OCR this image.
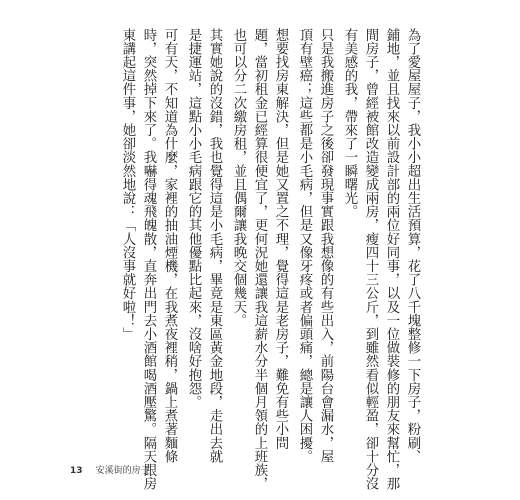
為了愛屋屋子，我小小超出生活預算，花了八千塊整修一下房子，粉刷、
鋪地，並且找來以前設計部的兩位好同事，以及一位做裝修的朋友來幫忙，那
間房子，曾經被館改造變成兩房，瘦四十三公斤，到雖然看似輕盈，卻十分沒
有美感的我，帶來了一瞬曙光。
只是我搬進房子之後卻發現事實跟我想像的有些出入，前陽台會漏水，屋
頂有壁癌；這些都是小毛病，但是又像牙疼或者偏頭痛，總是讓人困擾。
想要找房東解決，但是她又置之不理，覺得這是老房子，難免有些小問
題，當初租金已經算很便宜了，更何況她還讓我這薪水分半個月領的上班族，
也可以分二次繳房租，並且偶爾讓我晚交個幾天。
其實她說的沒錯，我也覺得這是小毛病，畢竟是東區黃金地段，走出去就
是捷運站，這點小小毛病跟它的其他優點比起來，沒啥好抱怨。
可有天，不知道為什麼，家裡的抽油煙機，在我煮夜裡稍，鍋上煮著麵條
時，突然掉下來了。我嚇得魂飛魄散，直奔出門去小酒館喝酒壓驚。隔天跟房
東講起這件事，她卻淡然地說：「人沒事就好啦！」
13 安溪街的房子
